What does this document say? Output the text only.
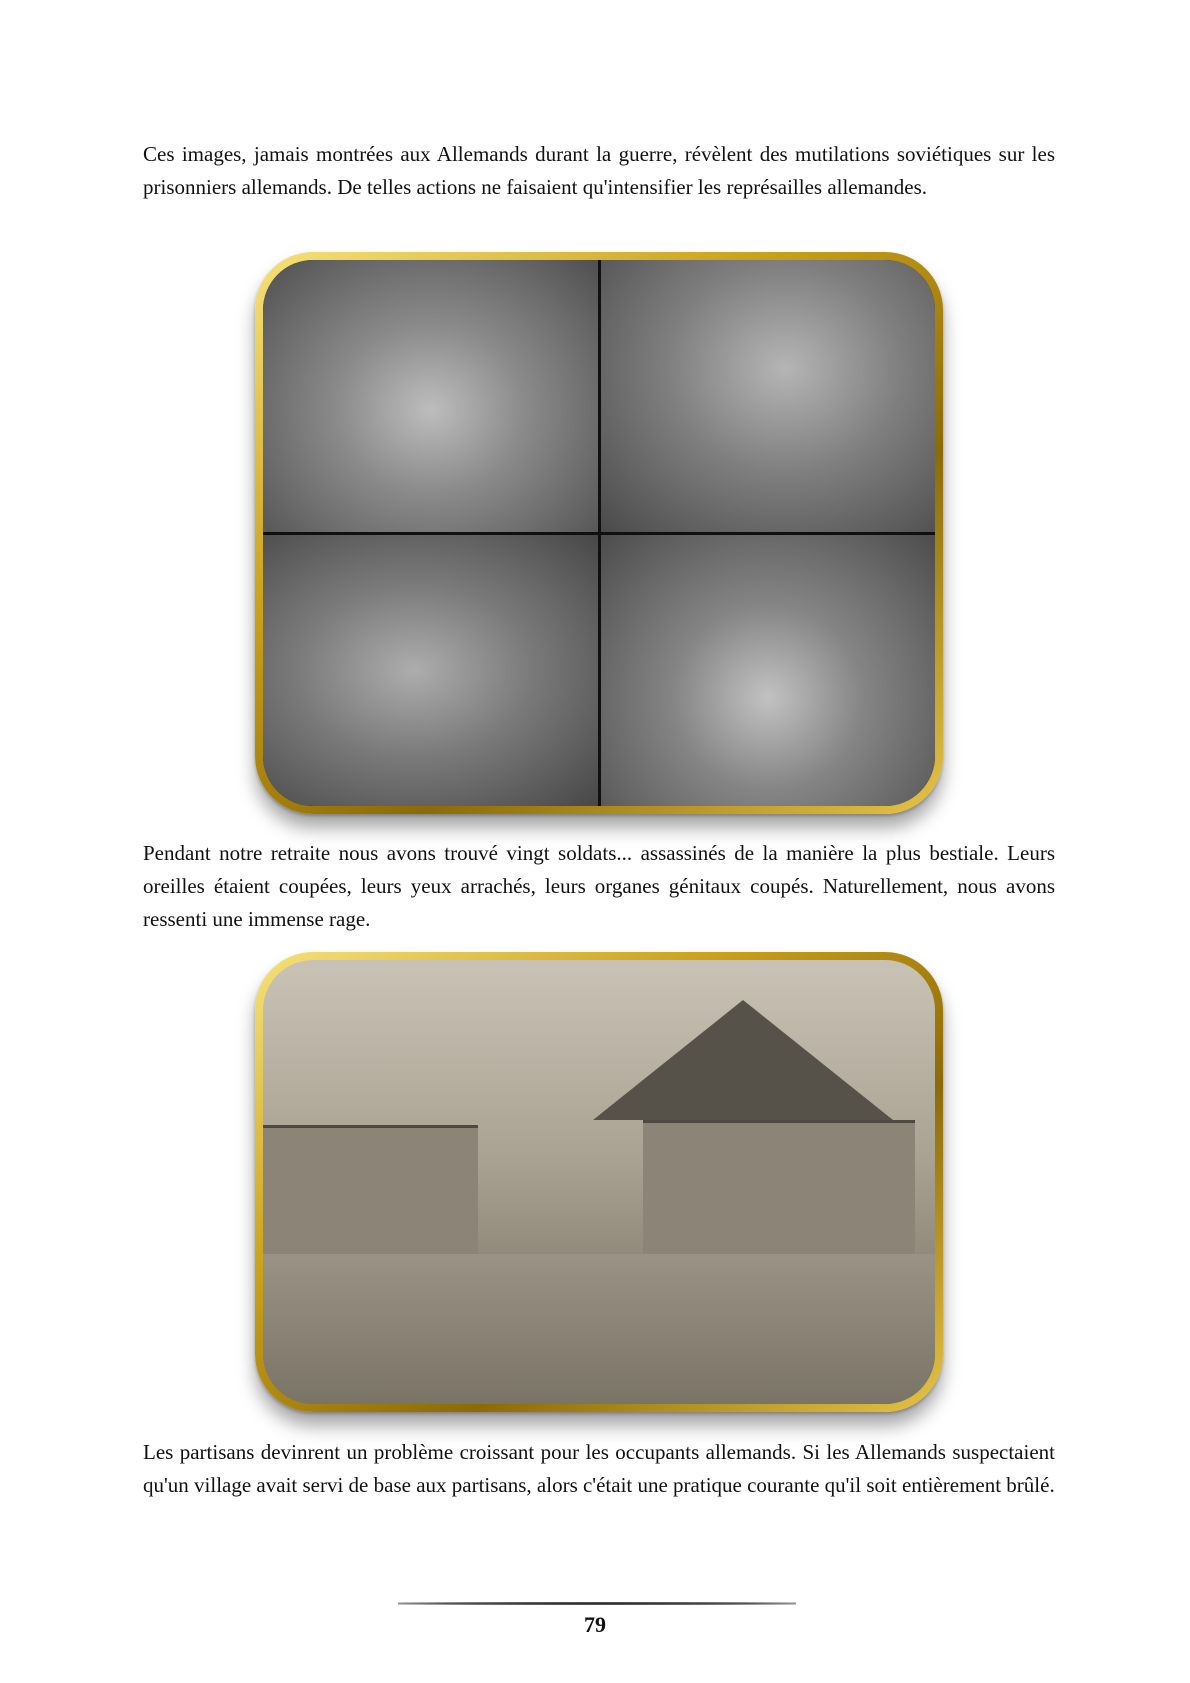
Ces images, jamais montrées aux Allemands durant la guerre, révèlent des mutilations soviétiques sur les prisonniers allemands. De telles actions ne faisaient qu'intensifier les représailles allemandes.

Pendant notre retraite nous avons trouvé vingt soldats... assassinés de la manière la plus bestiale. Leurs oreilles étaient coupées, leurs yeux arrachés, leurs organes génitaux coupés. Naturellement, nous avons ressenti une immense rage.

Les partisans devinrent un problème croissant pour les occupants allemands. Si les Allemands suspectaient qu'un village avait servi de base aux partisans, alors c'était une pratique courante qu'il soit entièrement brûlé.

79
